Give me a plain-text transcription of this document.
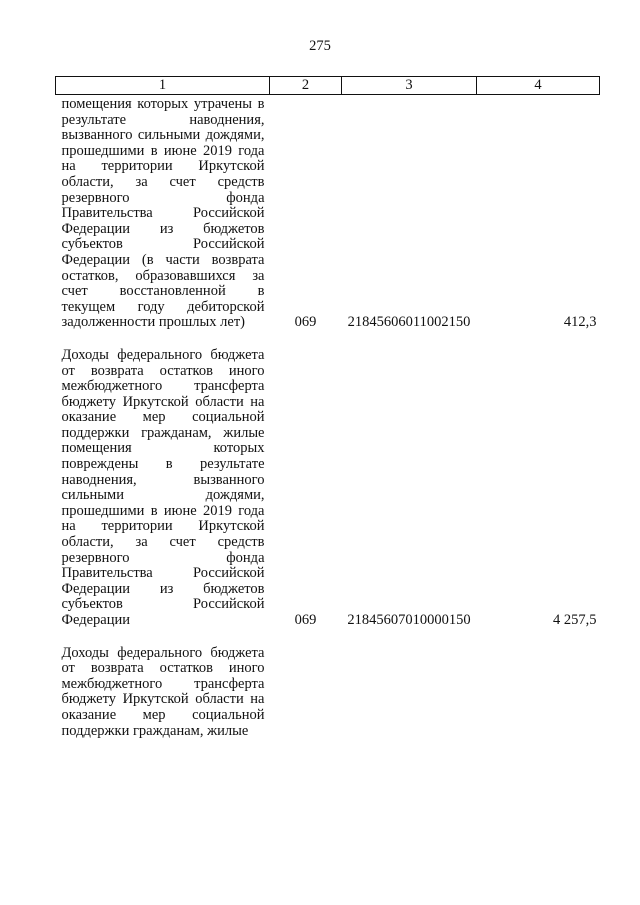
275
1	2	3	4
помещения которых утрачены в результате наводнения, вызванного сильными дождями, прошедшими в июне 2019 года на территории Иркутской области, за счет средств резервного фонда Правительства Российской Федерации из бюджетов субъектов Российской Федерации (в части возврата остатков, образовавшихся за счет восстановленной в текущем году дебиторской задолженности прошлых лет)	069	21845606011002150	412,3

Доходы федерального бюджета от возврата остатков иного межбюджетного трансферта бюджету Иркутской области на оказание мер социальной поддержки гражданам, жилые помещения которых повреждены в результате наводнения, вызванного сильными дождями, прошедшими в июне 2019 года на территории Иркутской области, за счет средств резервного фонда Правительства Российской Федерации из бюджетов субъектов Российской Федерации	069	21845607010000150	4 257,5

Доходы федерального бюджета от возврата остатков иного межбюджетного трансферта бюджету Иркутской области на оказание мер социальной поддержки гражданам, жилые			
